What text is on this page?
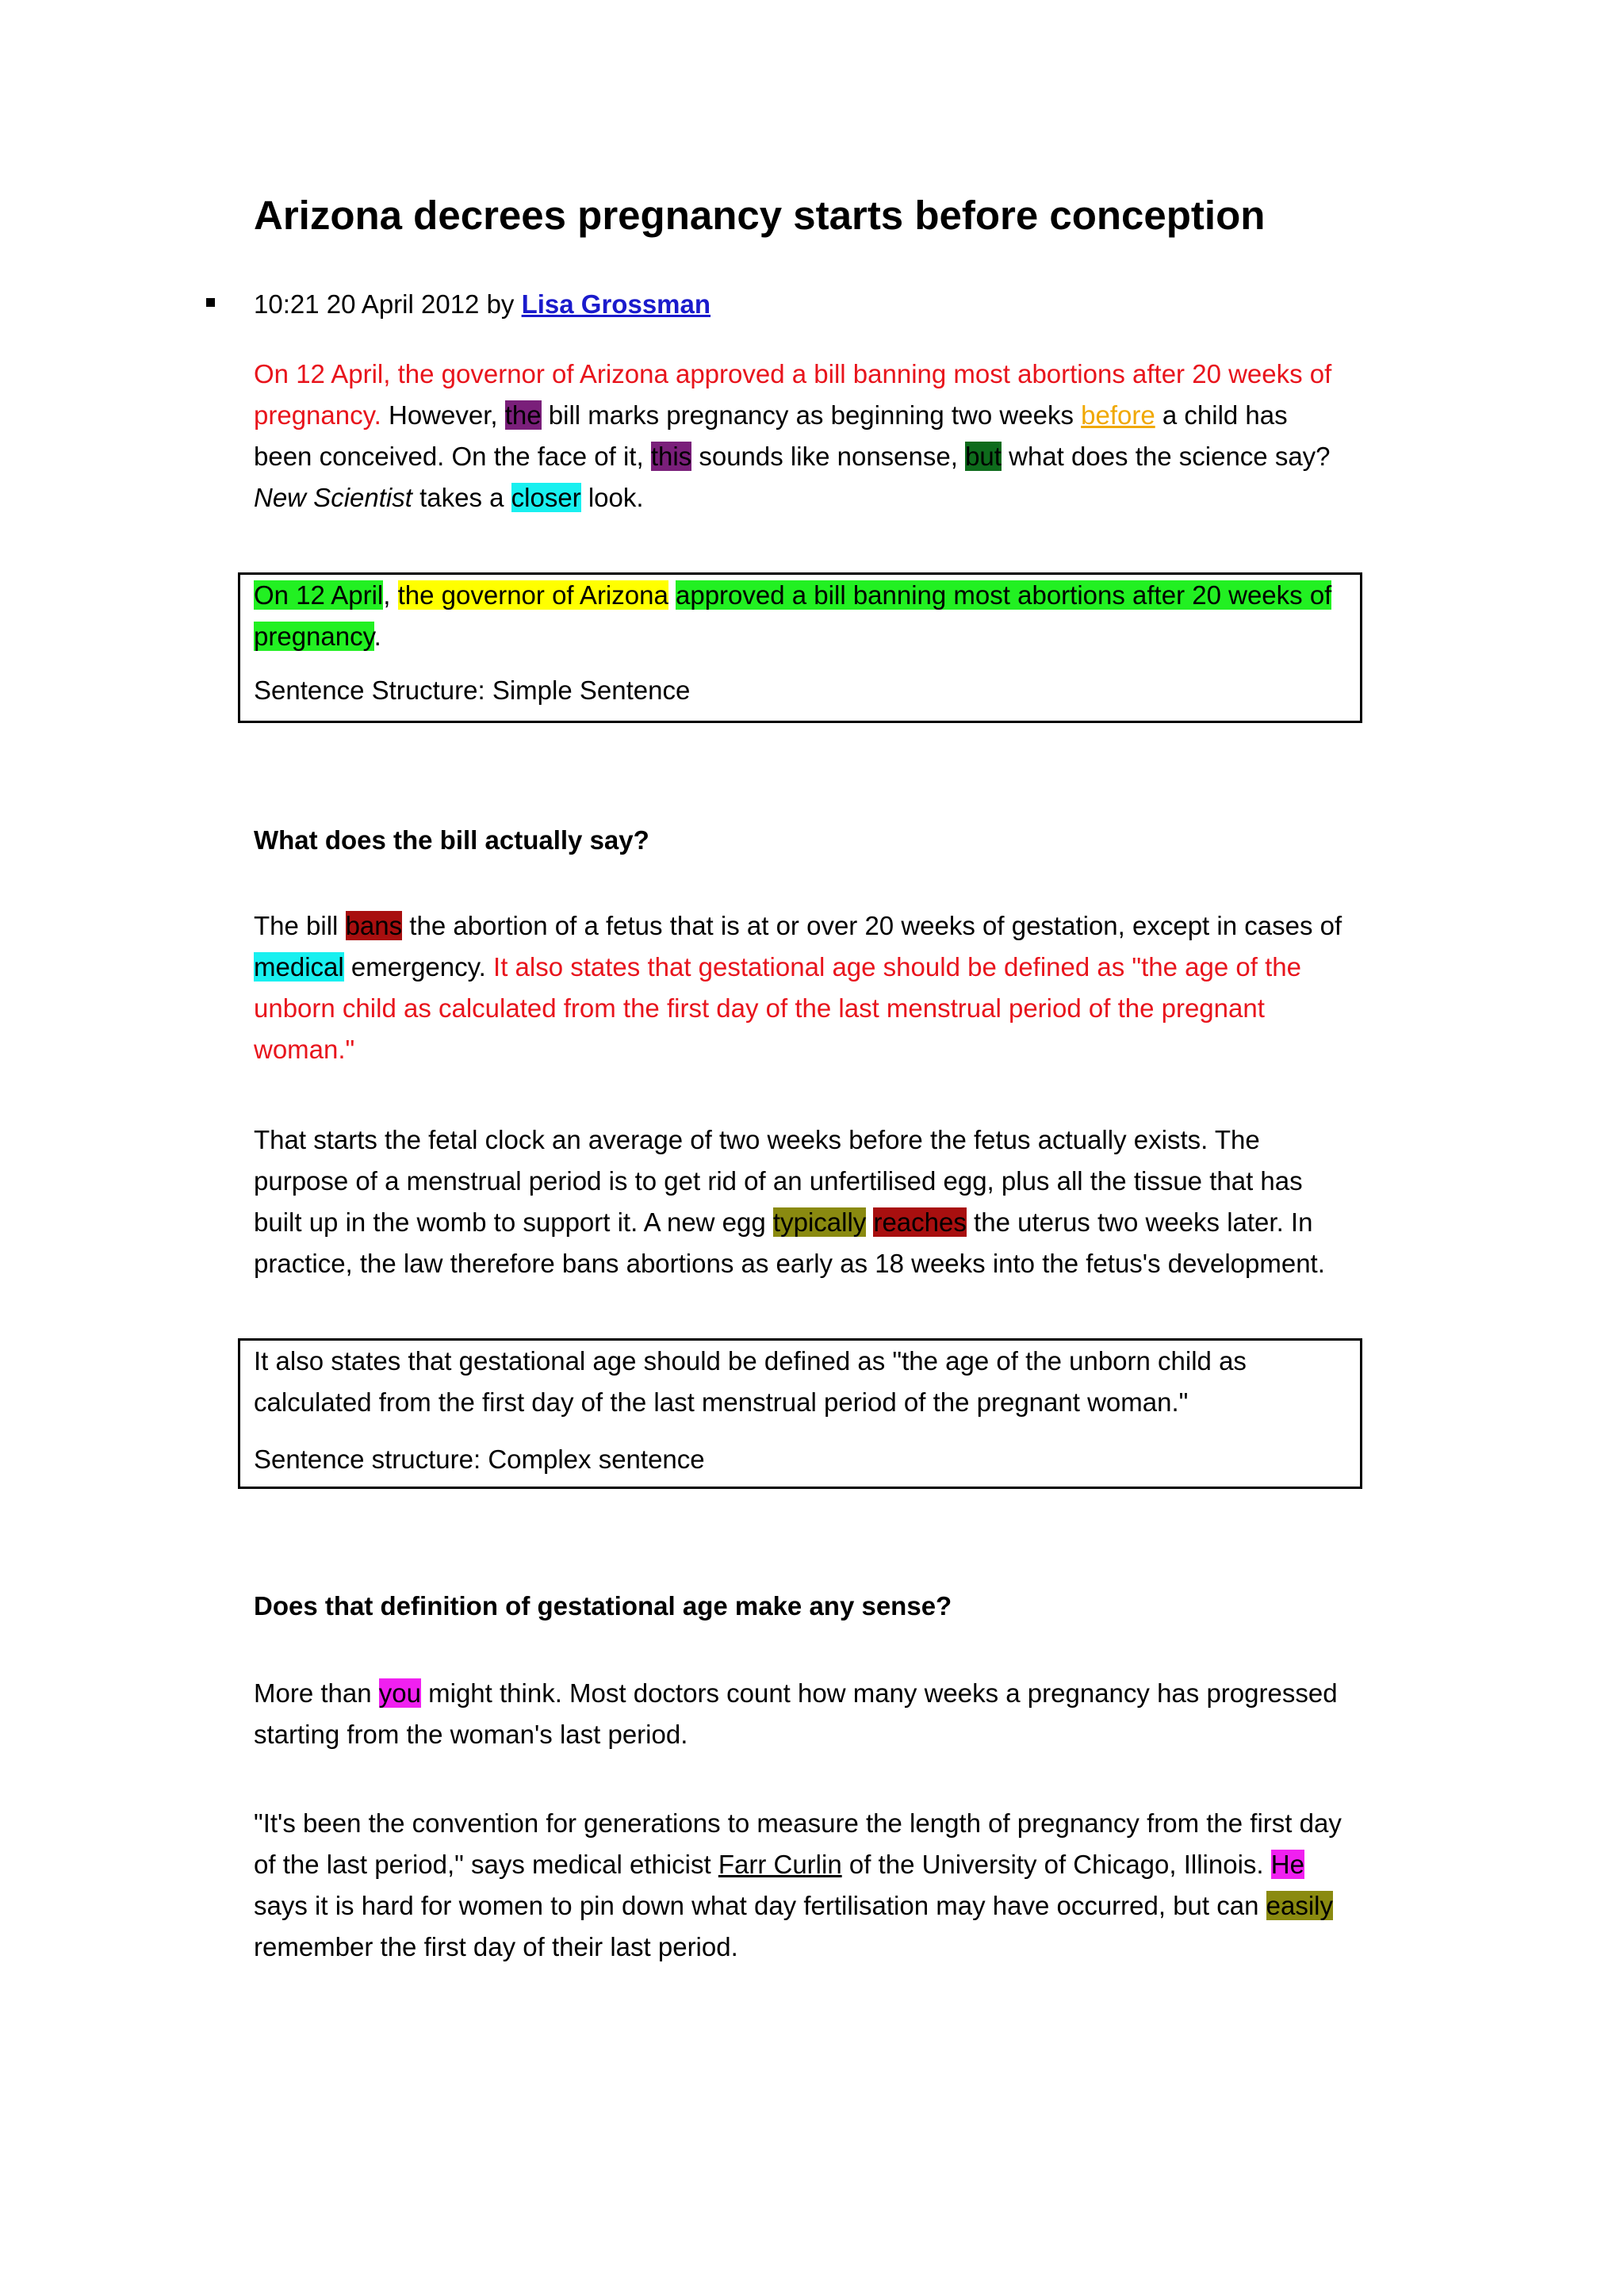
Arizona decrees pregnancy starts before conception
10:21 20 April 2012 by Lisa Grossman

On 12 April, the governor of Arizona approved a bill banning most abortions after 20 weeks of pregnancy. However, the bill marks pregnancy as beginning two weeks before a child has been conceived. On the face of it, this sounds like nonsense, but what does the science say? New Scientist takes a closer look.

On 12 April, the governor of Arizona approved a bill banning most abortions after 20 weeks of pregnancy.

Sentence Structure: Simple Sentence

What does the bill actually say?

The bill bans the abortion of a fetus that is at or over 20 weeks of gestation, except in cases of medical emergency. It also states that gestational age should be defined as "the age of the unborn child as calculated from the first day of the last menstrual period of the pregnant woman."

That starts the fetal clock an average of two weeks before the fetus actually exists. The purpose of a menstrual period is to get rid of an unfertilised egg, plus all the tissue that has built up in the womb to support it. A new egg typically reaches the uterus two weeks later. In practice, the law therefore bans abortions as early as 18 weeks into the fetus's development.

It also states that gestational age should be defined as "the age of the unborn child as calculated from the first day of the last menstrual period of the pregnant woman."

Sentence structure: Complex sentence

Does that definition of gestational age make any sense?

More than you might think. Most doctors count how many weeks a pregnancy has progressed starting from the woman's last period.

"It's been the convention for generations to measure the length of pregnancy from the first day of the last period," says medical ethicist Farr Curlin of the University of Chicago, Illinois. He says it is hard for women to pin down what day fertilisation may have occurred, but can easily remember the first day of their last period.
